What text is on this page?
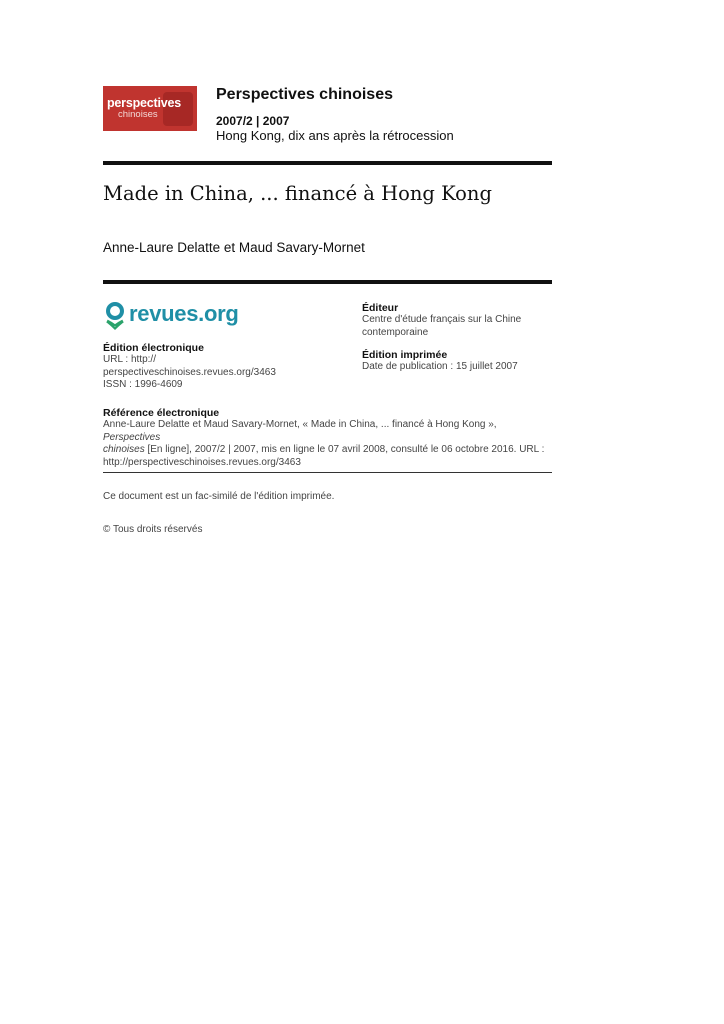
perspectives
chinoises
Perspectives chinoises
2007/2 | 2007
Hong Kong, dix ans après la rétrocession
Made in China, ... financé à Hong Kong
Anne-Laure Delatte et Maud Savary-Mornet
revues.org
Édition électronique
URL : http://
perspectiveschinoises.revues.org/3463
ISSN : 1996-4609
Éditeur
Centre d'étude français sur la Chine
contemporaine
Édition imprimée
Date de publication : 15 juillet 2007
Référence électronique
Anne-Laure Delatte et Maud Savary-Mornet, « Made in China, ... financé à Hong Kong », Perspectives
chinoises [En ligne], 2007/2 | 2007, mis en ligne le 07 avril 2008, consulté le 06 octobre 2016. URL :
http://perspectiveschinoises.revues.org/3463
Ce document est un fac-similé de l'édition imprimée.
© Tous droits réservés
